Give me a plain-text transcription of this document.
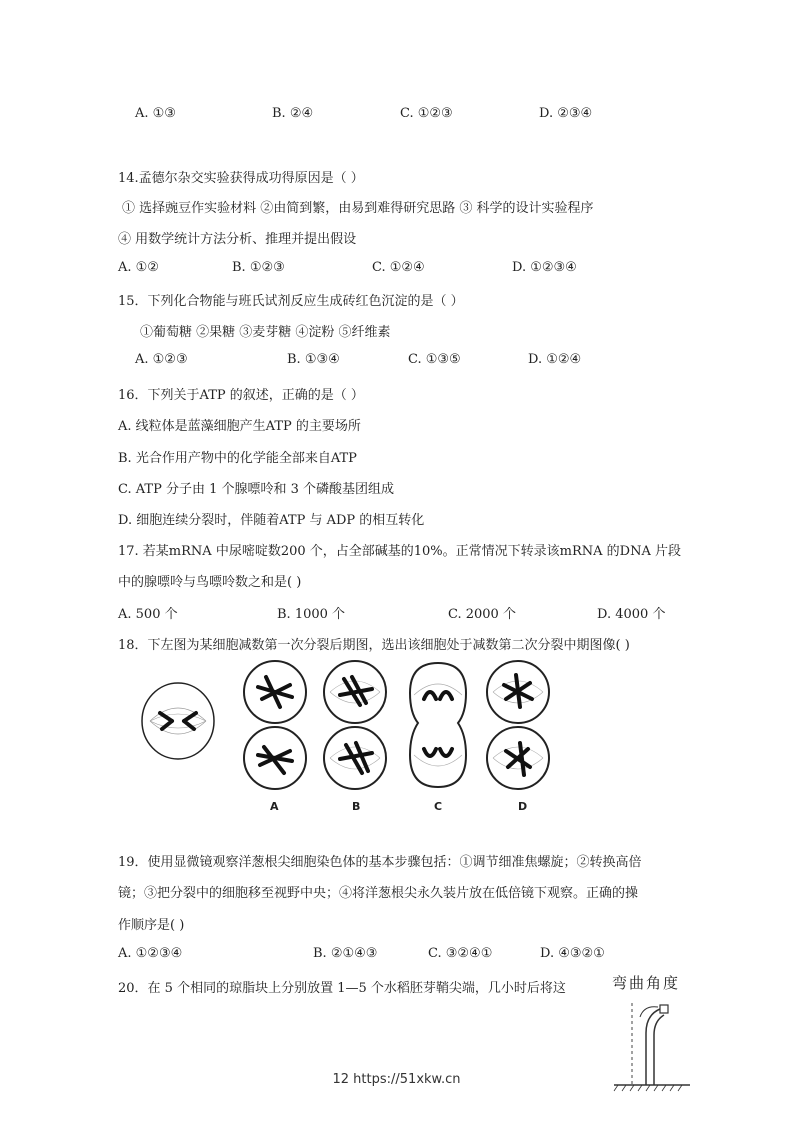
A. ①③	B. ②④	C. ①②③	D. ②③④
14.孟德尔杂交实验获得成功得原因是（ ）
① 选择豌豆作实验材料 ②由简到繁，由易到难得研究思路 ③ 科学的设计实验程序
④ 用数学统计方法分析、推理并提出假设
A. ①②	B. ①②③	C. ①②④	D. ①②③④
15．下列化合物能与班氏试剂反应生成砖红色沉淀的是（ ）
①葡萄糖 ②果糖 ③麦芽糖 ④淀粉 ⑤纤维素
A. ①②③	B. ①③④	C. ①③⑤	D. ①②④
16．下列关于ATP 的叙述，正确的是（ ）
A. 线粒体是蓝藻细胞产生ATP 的主要场所
B. 光合作用产物中的化学能全部来自ATP
C. ATP 分子由 1 个腺嘌呤和 3 个磷酸基团组成
D. 细胞连续分裂时，伴随着ATP 与 ADP 的相互转化
17. 若某mRNA 中尿嘧啶数200 个，占全部碱基的10%。正常情况下转录该mRNA 的DNA 片段
中的腺嘌呤与鸟嘌呤数之和是( )
A. 500 个	B. 1000 个	C. 2000 个	D. 4000 个
18．下左图为某细胞减数第一次分裂后期图，选出该细胞处于减数第二次分裂中期图像( )
A	B	C	D
19．使用显微镜观察洋葱根尖细胞染色体的基本步骤包括：①调节细准焦螺旋；②转换高倍
镜；③把分裂中的细胞移至视野中央；④将洋葱根尖永久装片放在低倍镜下观察。正确的操
作顺序是( )
A. ①②③④	B. ②①④③	C. ③②④①	D. ④③②①
20．在 5 个相同的琼脂块上分别放置 1—5 个水稻胚芽鞘尖端，几小时后将这	弯曲角度
12 https://51xkw.cn
